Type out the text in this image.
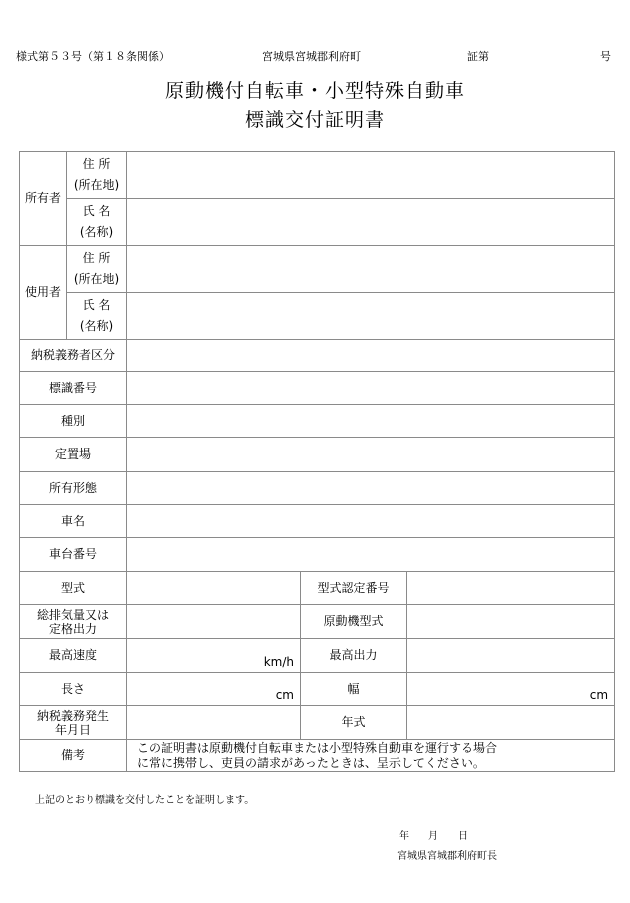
様式第５３号（第１８条関係）	宮城県宮城郡利府町	証第	号
原動機付自転車・小型特殊自動車
標識交付証明書
所有者	住 所
(所在地)			
	氏 名
(名称)			
使用者	住 所
(所在地)			
	氏 名
(名称)			
納税義務者区分				
標識番号				
種別				
定置場				
所有形態				
車名				
車台番号				
型式			型式認定番号	
総排気量又は
定格出力			原動機型式	
最高速度		km/h	最高出力	
長さ		cm	幅	cm

納税義務発生
年月日			年式	
備考		この証明書は原動機付自転車または小型特殊自動車を運行する場合
に常に携帯し、吏員の請求があったときは、呈示してください。		
上記のとおり標識を交付したことを証明します。
年 月 日
宮城県宮城郡利府町長
